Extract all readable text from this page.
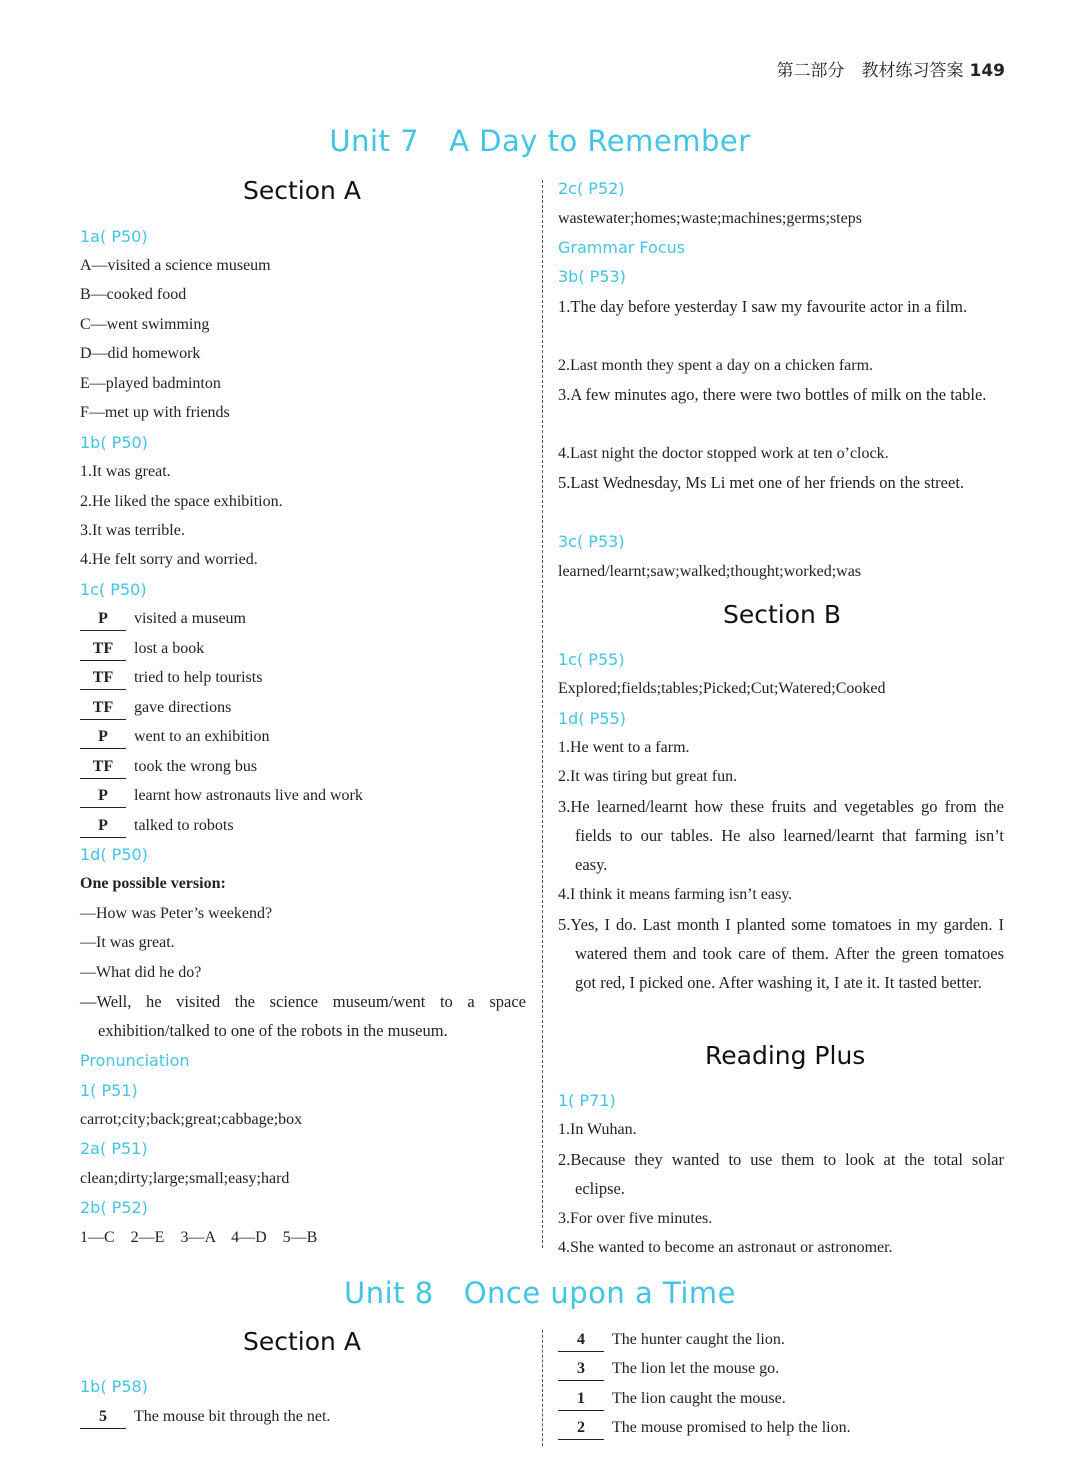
第二部分　教材练习答案 149
Unit 7 A Day to Remember
Section A
1a( P50)
A—visited a science museum
B—cooked food
C—went swimming
D—did homework
E—played badminton
F—met up with friends
1b( P50)
1.It was great.
2.He liked the space exhibition.
3.It was terrible.
4.He felt sorry and worried.
1c( P50)
P visited a museum
TF lost a book
TF tried to help tourists
TF gave directions
P went to an exhibition
TF took the wrong bus
P learnt how astronauts live and work
P talked to robots
1d( P50)
One possible version:
—How was Peter’s weekend?
—It was great.
—What did he do?
—Well, he visited the science museum/went to a space exhibition/talked to one of the robots in the museum.
Pronunciation
1( P51)
carrot;city;back;great;cabbage;box
2a( P51)
clean;dirty;large;small;easy;hard
2b( P52)
1—C　2—E　3—A　4—D　5—B
2c( P52)
wastewater;homes;waste;machines;germs;steps
Grammar Focus
3b( P53)
1.The day before yesterday I saw my favourite actor in a film.
2.Last month they spent a day on a chicken farm.
3.A few minutes ago, there were two bottles of milk on the table.
4.Last night the doctor stopped work at ten o’clock.
5.Last Wednesday, Ms Li met one of her friends on the street.
3c( P53)
learned/learnt;saw;walked;thought;worked;was
Section B
1c( P55)
Explored;fields;tables;Picked;Cut;Watered;Cooked
1d( P55)
1.He went to a farm.
2.It was tiring but great fun.
3.He learned/learnt how these fruits and vegetables go from the fields to our tables. He also learned/learnt that farming isn’t easy.
4.I think it means farming isn’t easy.
5.Yes, I do. Last month I planted some tomatoes in my garden. I watered them and took care of them. After the green tomatoes got red, I picked one. After washing it, I ate it. It tasted better.
Reading Plus
1( P71)
1.In Wuhan.
2.Because they wanted to use them to look at the total solar eclipse.
3.For over five minutes.
4.She wanted to become an astronaut or astronomer.
Unit 8 Once upon a Time
Section A
1b( P58)
5 The mouse bit through the net.
4 The hunter caught the lion.
3 The lion let the mouse go.
1 The lion caught the mouse.
2 The mouse promised to help the lion.
